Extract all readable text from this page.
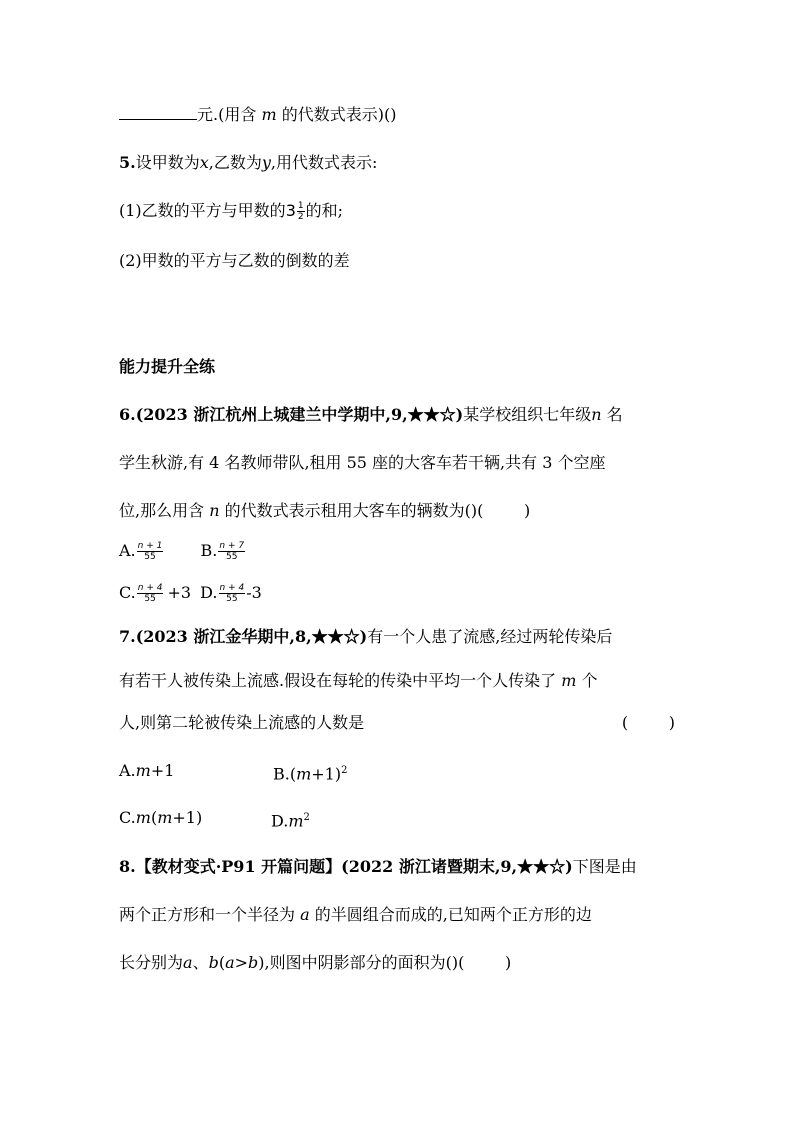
元.(用含 m 的代数式表示)()
5.设甲数为x,乙数为y,用代数式表示:
(1)乙数的平方与甲数的$3 \frac{1}{2}$ 的和;
(2)甲数的平方与乙数的倒数的差
能力提升全练
6.(2023 浙江杭州上城建兰中学期中,9,★★☆)某学校组织七年级n 名
学生秋游,有 4 名教师带队,租用 55 座的大客车若干辆,共有 3 个空座
位,那么用含 n 的代数式表示租用大客车的辆数为()(        )
A. $\frac{n + 1}{55} B$. $\frac{n + 7}{55}$
C. $\frac{n + 4}{55} +3$ D. $\frac{n + 4}{55} -3$
7.(2023 浙江金华期中,8,★★☆)有一个人患了流感,经过两轮传染后
有若干人被传染上流感.假设在每轮的传染中平均一个人传染了 m 个
人,则第二轮被传染上流感的人数是	(        )
A.m+1	$B.(m+1)^2$
C.m(m+1)	$D.m^2$
8.【教材变式·P91 开篇问题】(2022 浙江诸暨期末,9,★★☆)下图是由
两个正方形和一个半径为 a 的半圆组合而成的,已知两个正方形的边
长分别为a、b(a>b),则图中阴影部分的面积为()(        )
